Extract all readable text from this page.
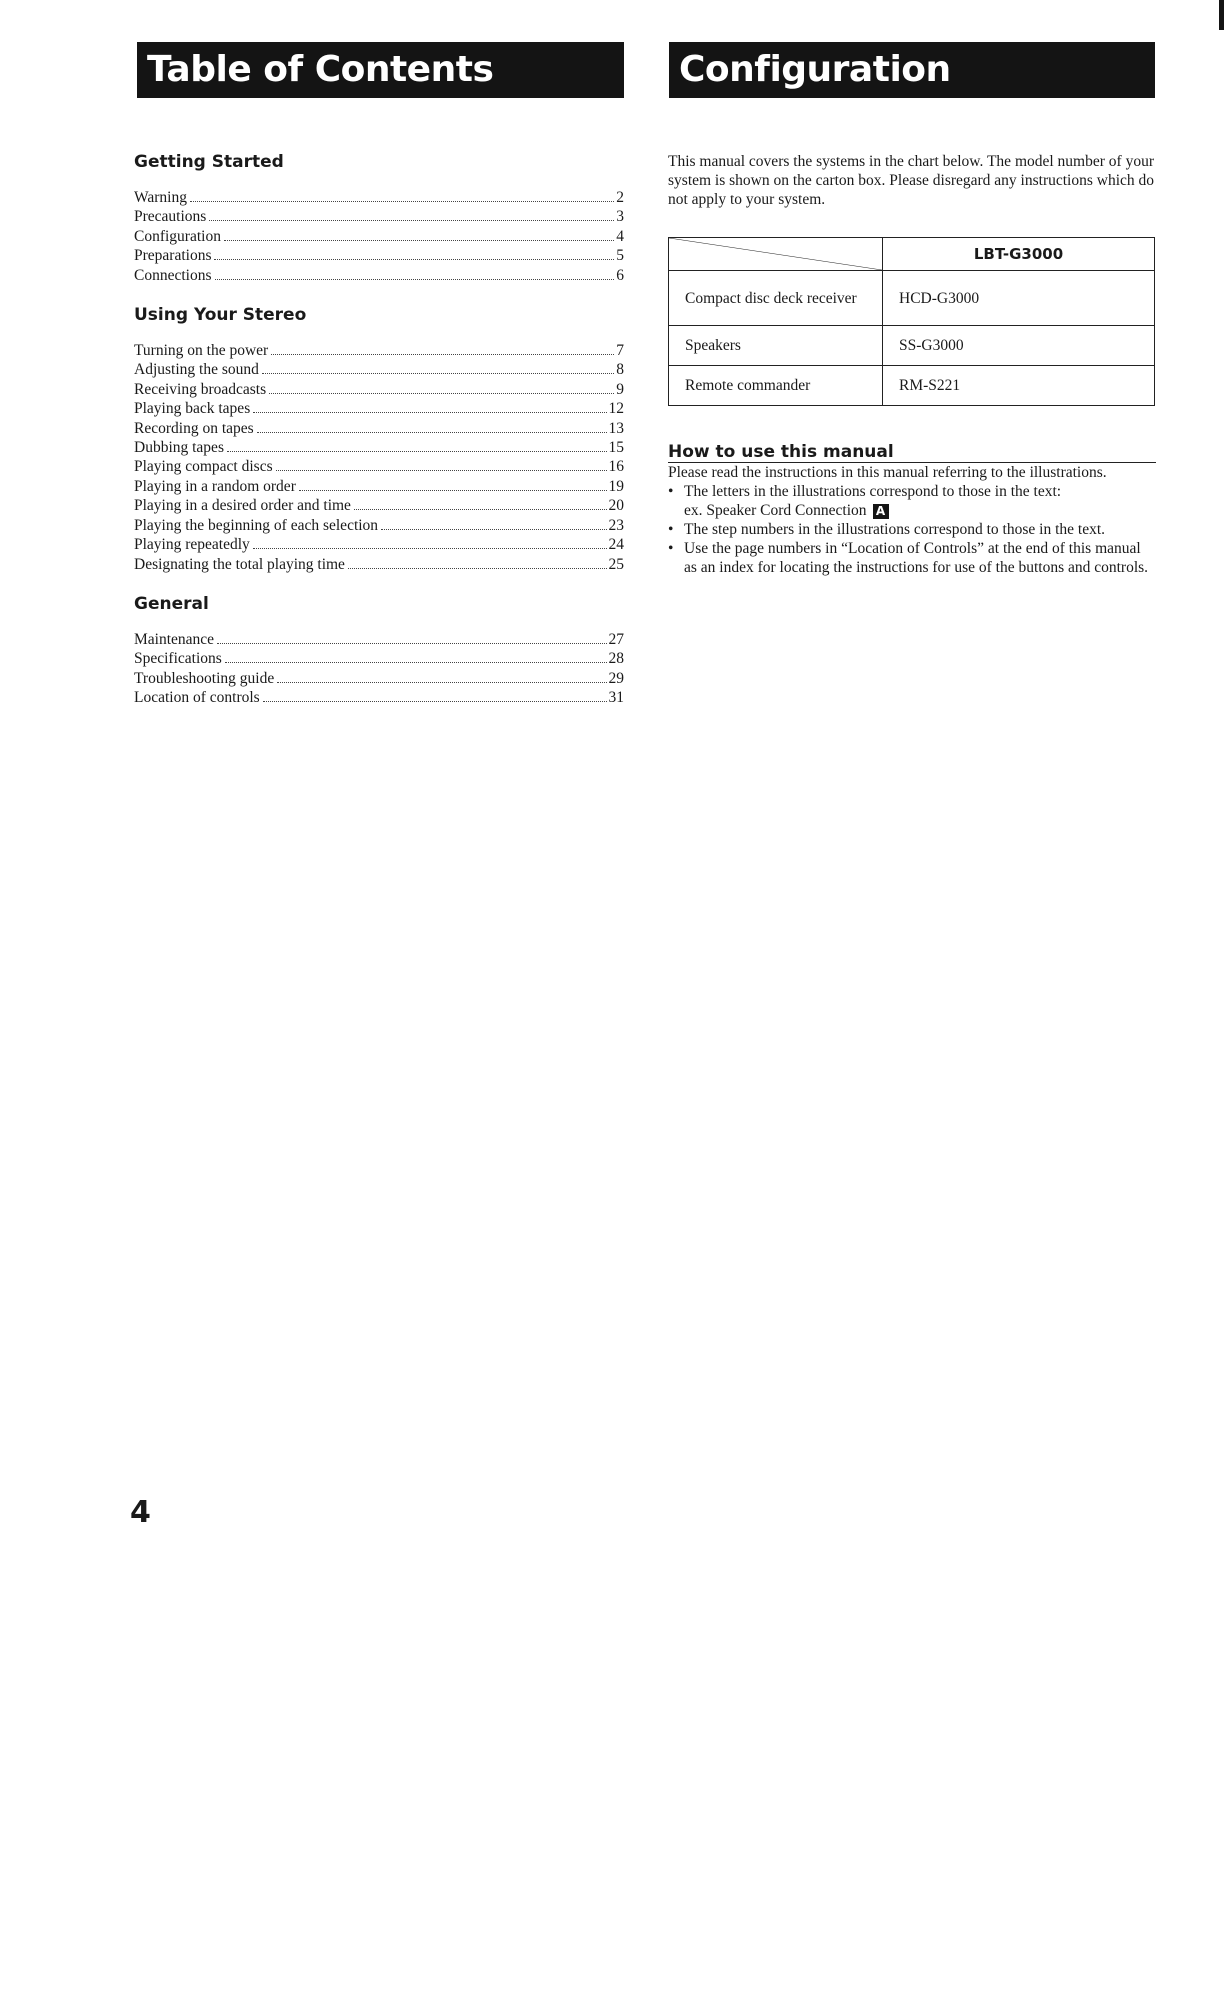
Table of Contents	Configuration
Getting Started
Warning	2
Precautions	3
Configuration	4
Preparations	5
Connections	6
Using Your Stereo
Turning on the power	7
Adjusting the sound	8
Receiving broadcasts	9
Playing back tapes	12
Recording on tapes	13
Dubbing tapes	15
Playing compact discs	16
Playing in a random order	19
Playing in a desired order and time	20
Playing the beginning of each selection	23
Playing repeatedly	24
Designating the total playing time	25
General
Maintenance	27
Specifications	28
Troubleshooting guide	29
Location of controls	31

This manual covers the systems in the chart below. The model number of your system is shown on the carton box. Please disregard any instructions which do not apply to your system.

	LBT-G3000
Compact disc deck receiver	HCD-G3000
Speakers	SS-G3000
Remote commander	RM-S221
How to use this manual

Please read the instructions in this manual referring to the illustrations.

• The letters in the illustrations correspond to those in the text:
ex. Speaker Cord Connection A
• The step numbers in the illustrations correspond to those in the text.
• Use the page numbers in “Location of Controls” at the end of this manual as an index for locating the instructions for use of the buttons and controls.
4
